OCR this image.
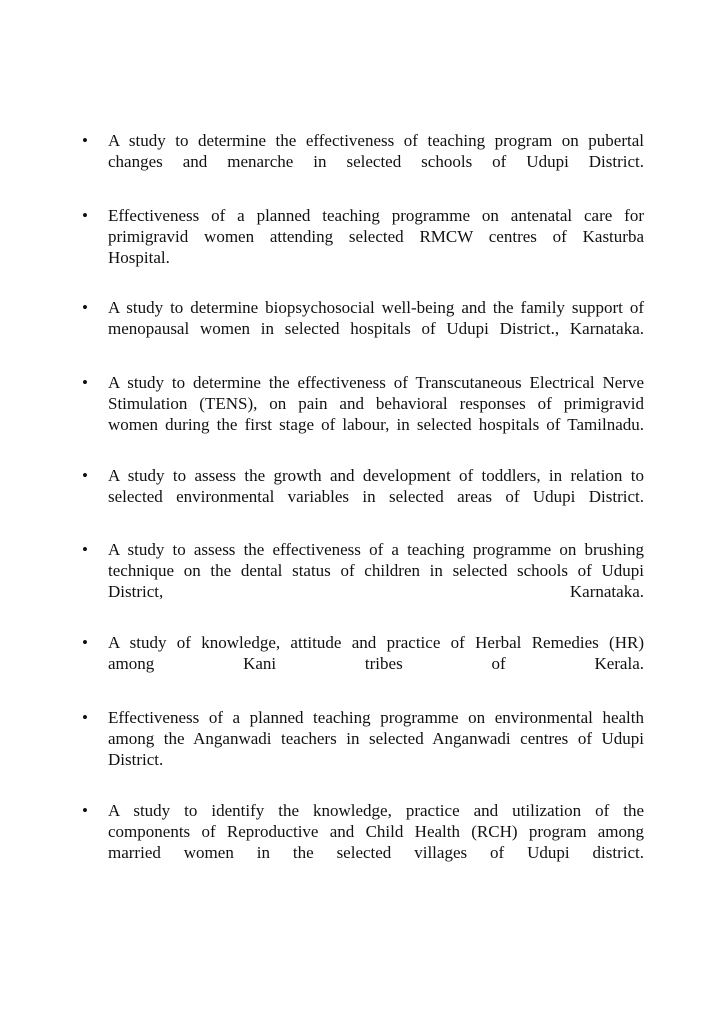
• A study to determine the effectiveness of teaching program on pubertal
changes and menarche in selected schools of Udupi District.
• Effectiveness of a planned teaching programme on antenatal care for
primigravid women attending selected RMCW centres of Kasturba
Hospital.
• A study to determine biopsychosocial well-being and the family support of
menopausal women in selected hospitals of Udupi District., Karnataka.
• A study to determine the effectiveness of Transcutaneous Electrical Nerve
Stimulation (TENS), on pain and behavioral responses of primigravid
women during the first stage of labour, in selected hospitals of Tamilnadu.
• A study to assess the growth and development of toddlers, in relation to
selected environmental variables in selected areas of Udupi District.
• A study to assess the effectiveness of a teaching programme on brushing
technique on the dental status of children in selected schools of Udupi
District, Karnataka.
• A study of knowledge, attitude and practice of Herbal Remedies (HR)
among Kani tribes of Kerala.
• Effectiveness of a planned teaching programme on environmental health
among the Anganwadi teachers in selected Anganwadi centres of Udupi
District.
• A study to identify the knowledge, practice and utilization of the
components of Reproductive and Child Health (RCH) program among
married women in the selected villages of Udupi district.
